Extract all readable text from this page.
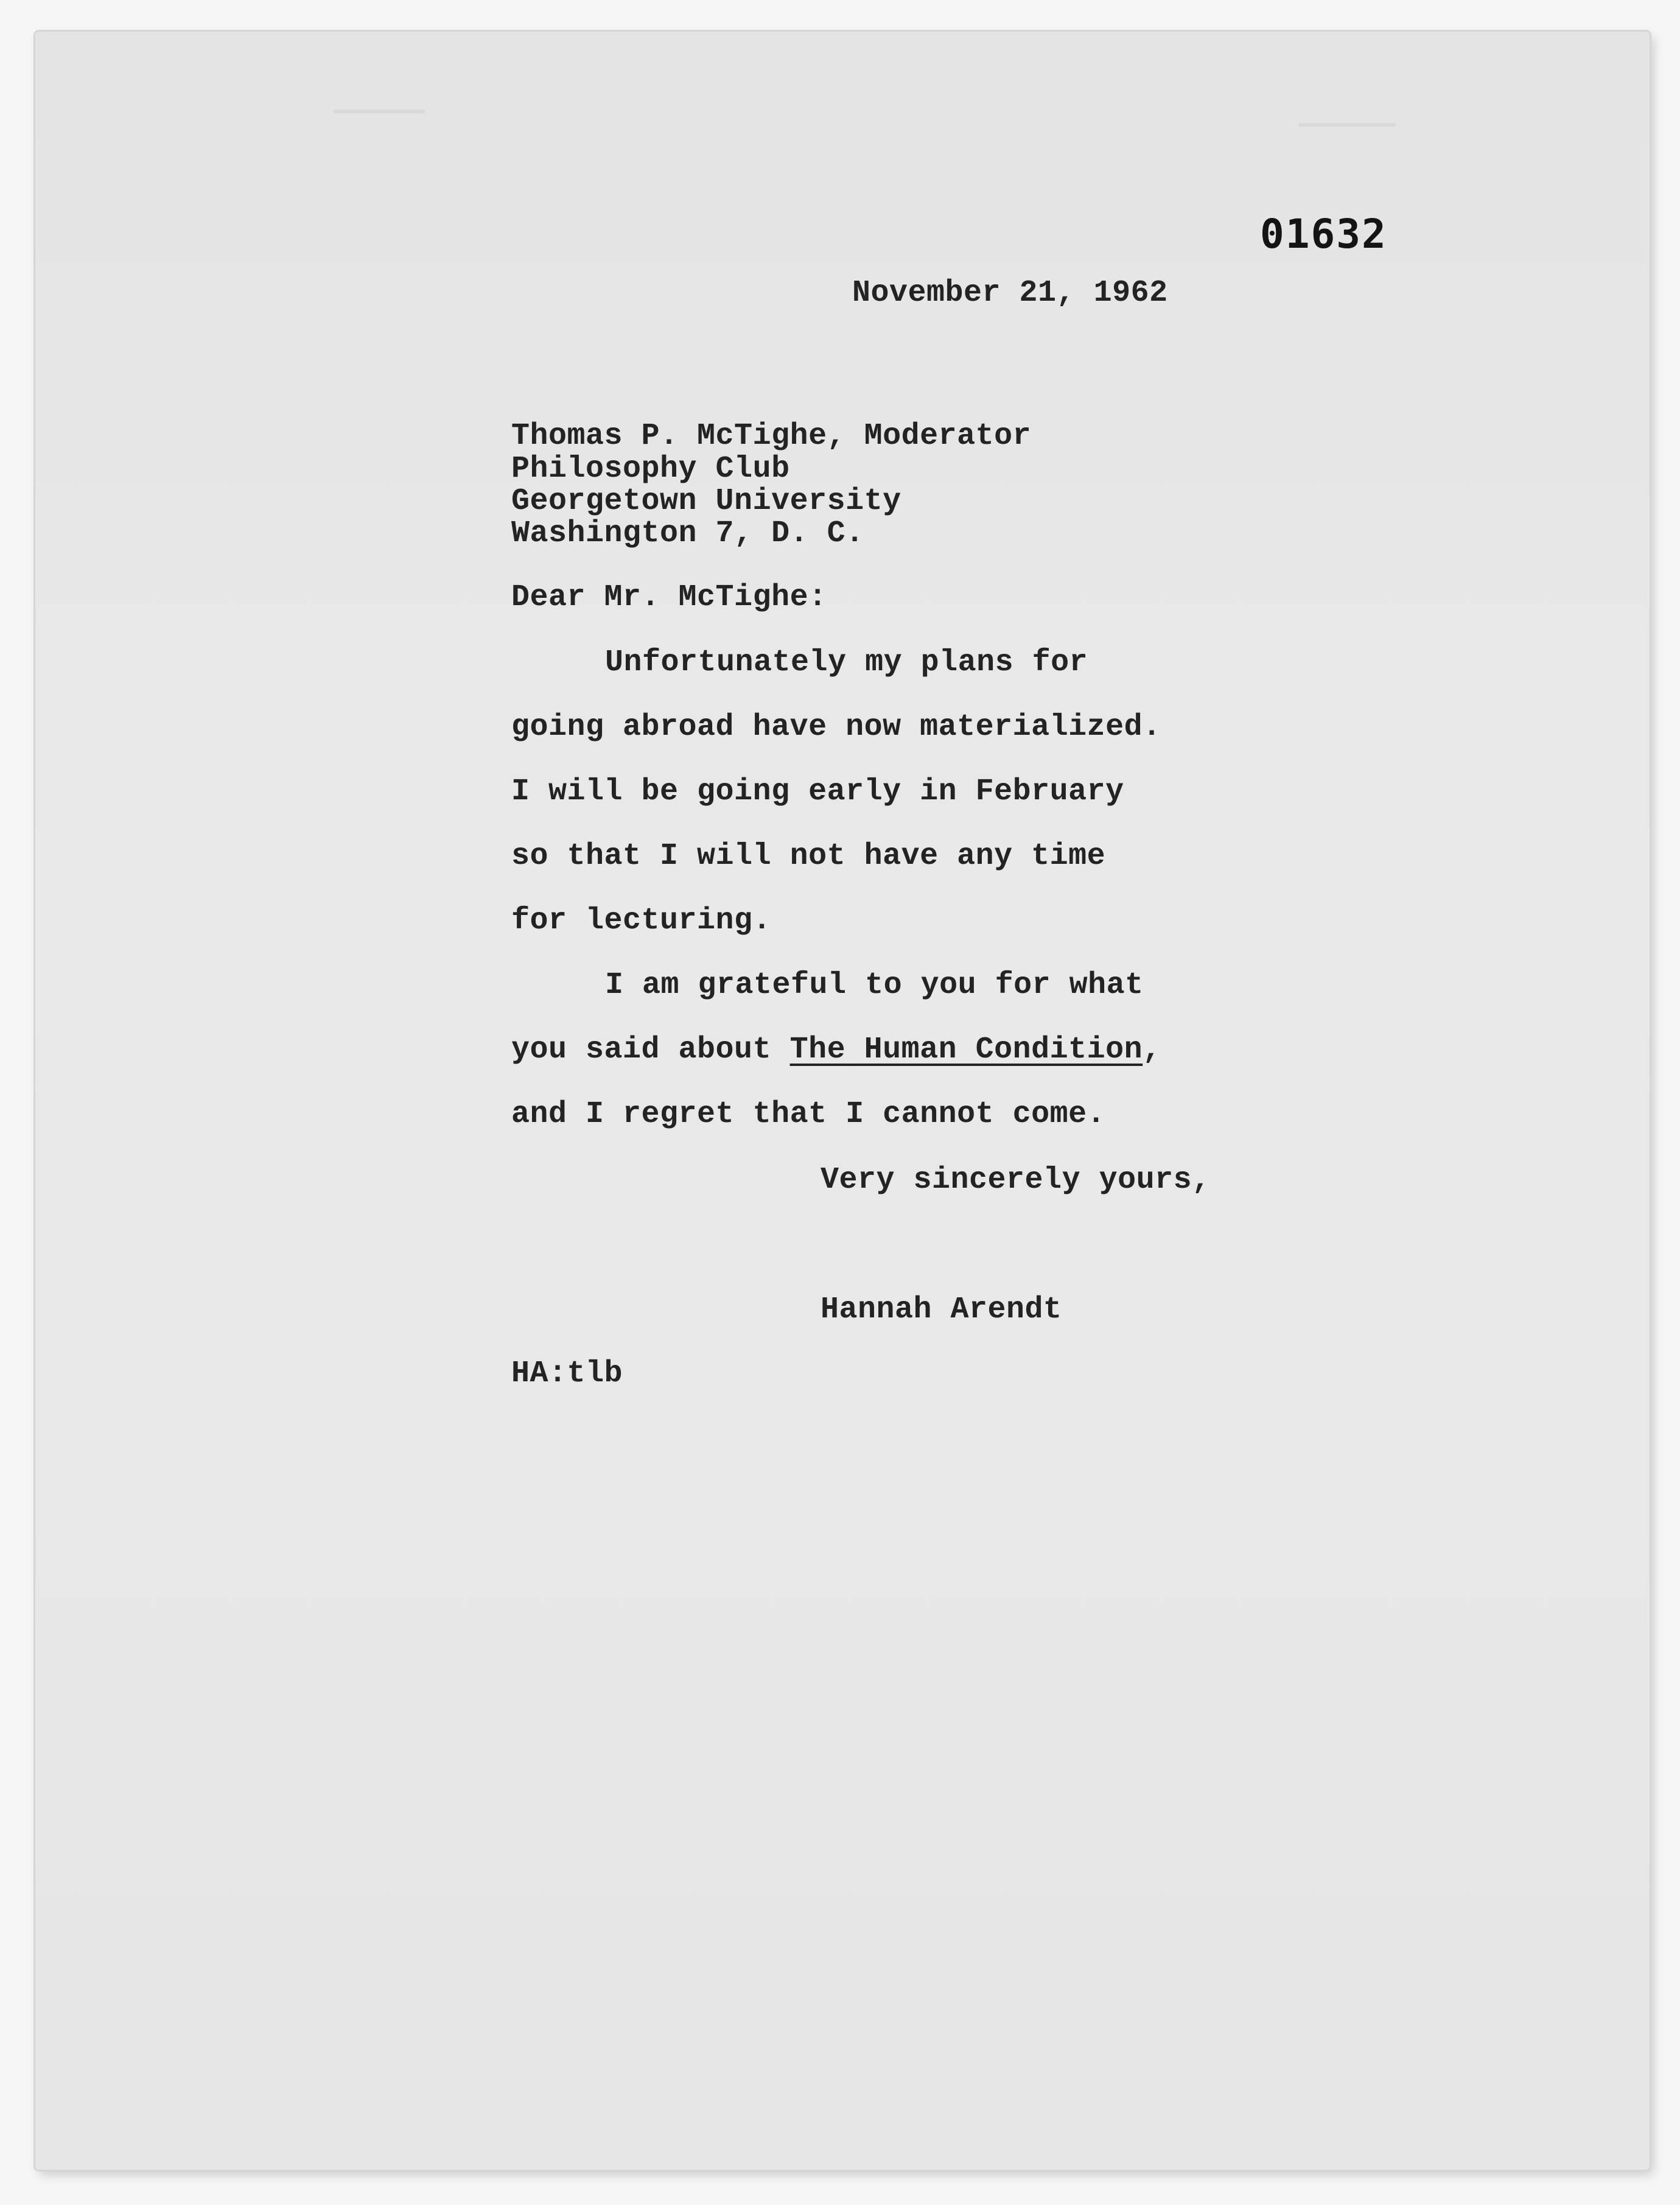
01632
November 21, 1962
Thomas P. McTighe, Moderator
Philosophy Club
Georgetown University
Washington 7, D. C.
Dear Mr. McTighe:
Unfortunately my plans for
going abroad have now materialized.
I will be going early in February
so that I will not have any time
for lecturing.
I am grateful to you for what
you said about The Human Condition,
and I regret that I cannot come.
Very sincerely yours,
Hannah Arendt
HA:tlb
